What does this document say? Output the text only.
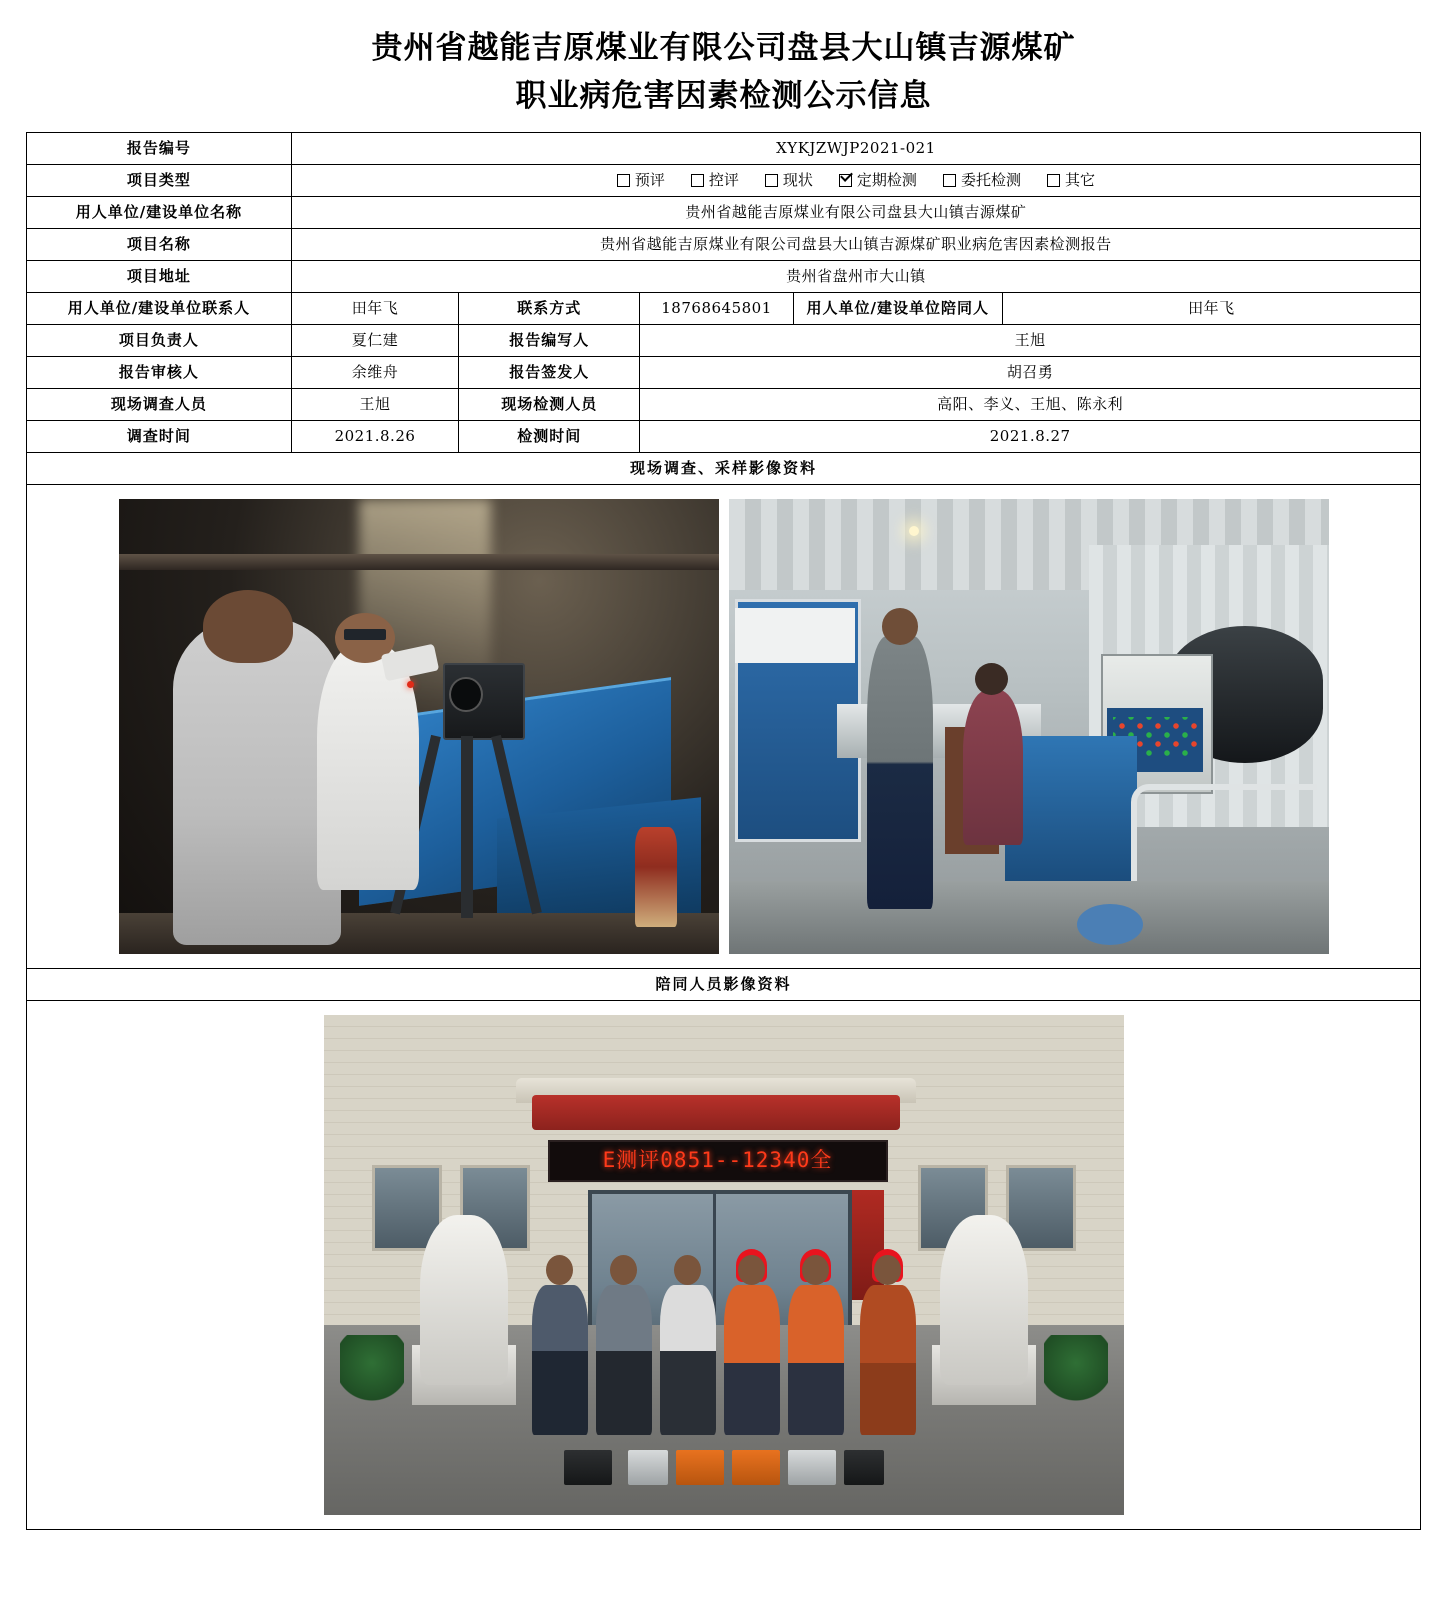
贵州省越能吉原煤业有限公司盘县大山镇吉源煤矿
职业病危害因素检测公示信息
报告编号	XYKJZWJP2021-021				
项目类型	预评	控评	现状	定期检测	委托检测	其它

用人单位/建设单位名称	贵州省越能吉原煤业有限公司盘县大山镇吉源煤矿				
项目名称	贵州省越能吉原煤业有限公司盘县大山镇吉源煤矿职业病危害因素检测报告				
项目地址	贵州省盘州市大山镇				
用人单位/建设单位联系人	田年飞	联系方式	18768645801	用人单位/建设单位陪同人	田年飞
项目负责人	夏仁建	报告编写人	王旭		
报告审核人	余维舟	报告签发人	胡召勇		
现场调查人员	王旭	现场检测人员	高阳、李义、王旭、陈永利		
调查时间	2021.8.26	检测时间	2021.8.27		
现场调查、采样影像资料					

陪同人员影像资料					

E测评0851--12340全					
